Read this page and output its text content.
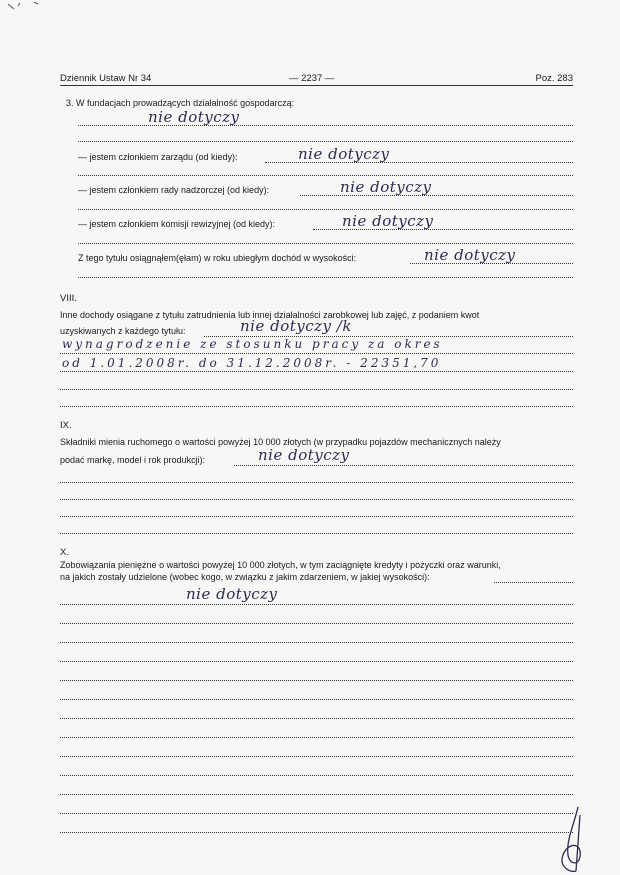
Dziennik Ustaw Nr 34	— 2237 —	Poz. 283
3. W fundacjach prowadzących działalność gospodarczą:
nie dotyczy
— jestem członkiem zarządu (od kiedy):	nie dotyczy
— jestem członkiem rady nadzorczej (od kiedy):	nie dotyczy
— jestem członkiem komisji rewizyjnej (od kiedy):	nie dotyczy
Z tego tytułu osiągnąłem(ęłam) w roku ubiegłym dochód w wysokości:	nie dotyczy
VIII.
Inne dochody osiągane z tytułu zatrudnienia lub innej działalności zarobkowej lub zajęć, z podaniem kwot
uzyskiwanych z każdego tytułu:	nie dotyczy /k
wynagrodzenie ze stosunku pracy za okres
od 1.01.2008r. do 31.12.2008r. - 22351,70
IX.
Składniki mienia ruchomego o wartości powyżej 10 000 złotych (w przypadku pojazdów mechanicznych należy
podać markę, model i rok produkcji):	nie dotyczy
X.
Zobowiązania pieniężne o wartości powyżej 10 000 złotych, w tym zaciągnięte kredyty i pożyczki oraz warunki,
na jakich zostały udzielone (wobec kogo, w związku z jakim zdarzeniem, w jakiej wysokości):
nie dotyczy
